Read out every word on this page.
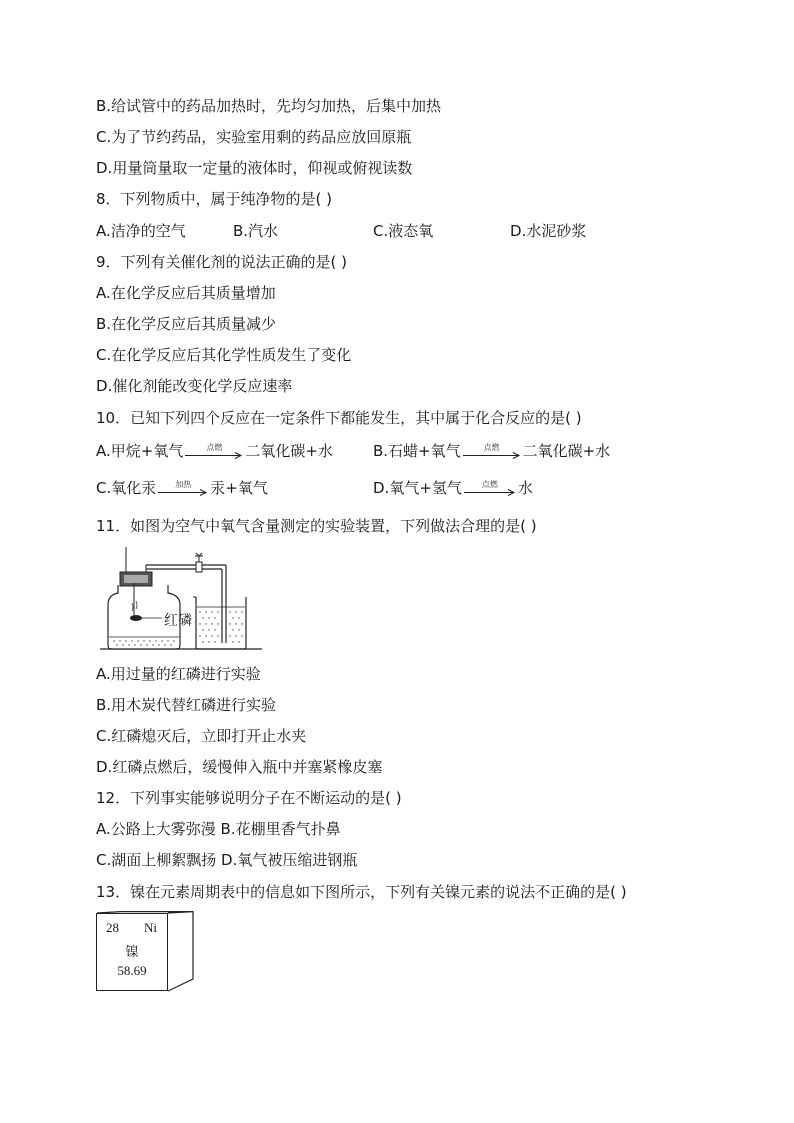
B.给试管中的药品加热时，先均匀加热，后集中加热
C.为了节约药品，实验室用剩的药品应放回原瓶
D.用量筒量取一定量的液体时，仰视或俯视读数
8．下列物质中，属于纯净物的是( )
A.洁净的空气	B.汽水	C.液态氧	D.水泥砂浆
9．下列有关催化剂的说法正确的是( )
A.在化学反应后其质量增加
B.在化学反应后其质量减少
C.在化学反应后其化学性质发生了变化
D.催化剂能改变化学反应速率
10．已知下列四个反应在一定条件下都能发生，其中属于化合反应的是( )
A.甲烷+氧气	点燃 二氧化碳+水	B.石蜡+氧气	点燃 二氧化碳+水
C.氧化汞 加热 汞+氧气	D.氧气+氢气	点燃 水
11．如图为空气中氧气含量测定的实验装置，下列做法合理的是( )
红磷
A.用过量的红磷进行实验
B.用木炭代替红磷进行实验
C.红磷熄灭后，立即打开止水夹
D.红磷点燃后，缓慢伸入瓶中并塞紧橡皮塞
12．下列事实能够说明分子在不断运动的是( )
A.公路上大雾弥漫 B.花棚里香气扑鼻
C.湖面上柳絮飘扬 D.氧气被压缩进钢瓶
13．镍在元素周期表中的信息如下图所示，下列有关镍元素的说法不正确的是( )
28 Ni
镍
58.69
